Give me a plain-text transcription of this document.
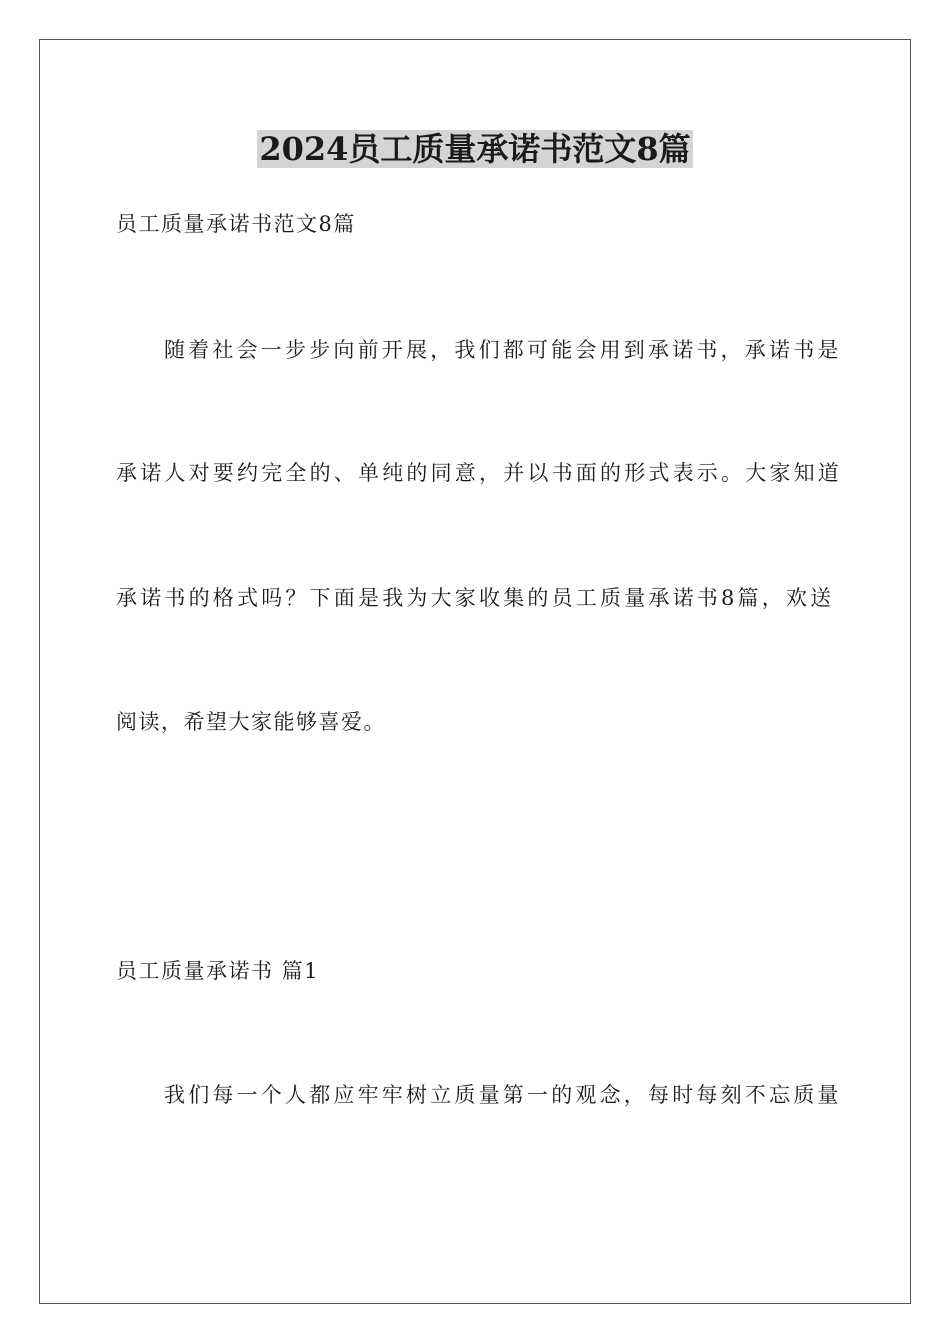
2024员工质量承诺书范文8篇
员工质量承诺书范文8篇
随着社会一步步向前开展，我们都可能会用到承诺书，承诺书是
承诺人对要约完全的、单纯的同意，并以书面的形式表示。大家知道
承诺书的格式吗？下面是我为大家收集的员工质量承诺书8篇，欢送
阅读，希望大家能够喜爱。
员工质量承诺书 篇1
我们每一个人都应牢牢树立质量第一的观念，每时每刻不忘质量
